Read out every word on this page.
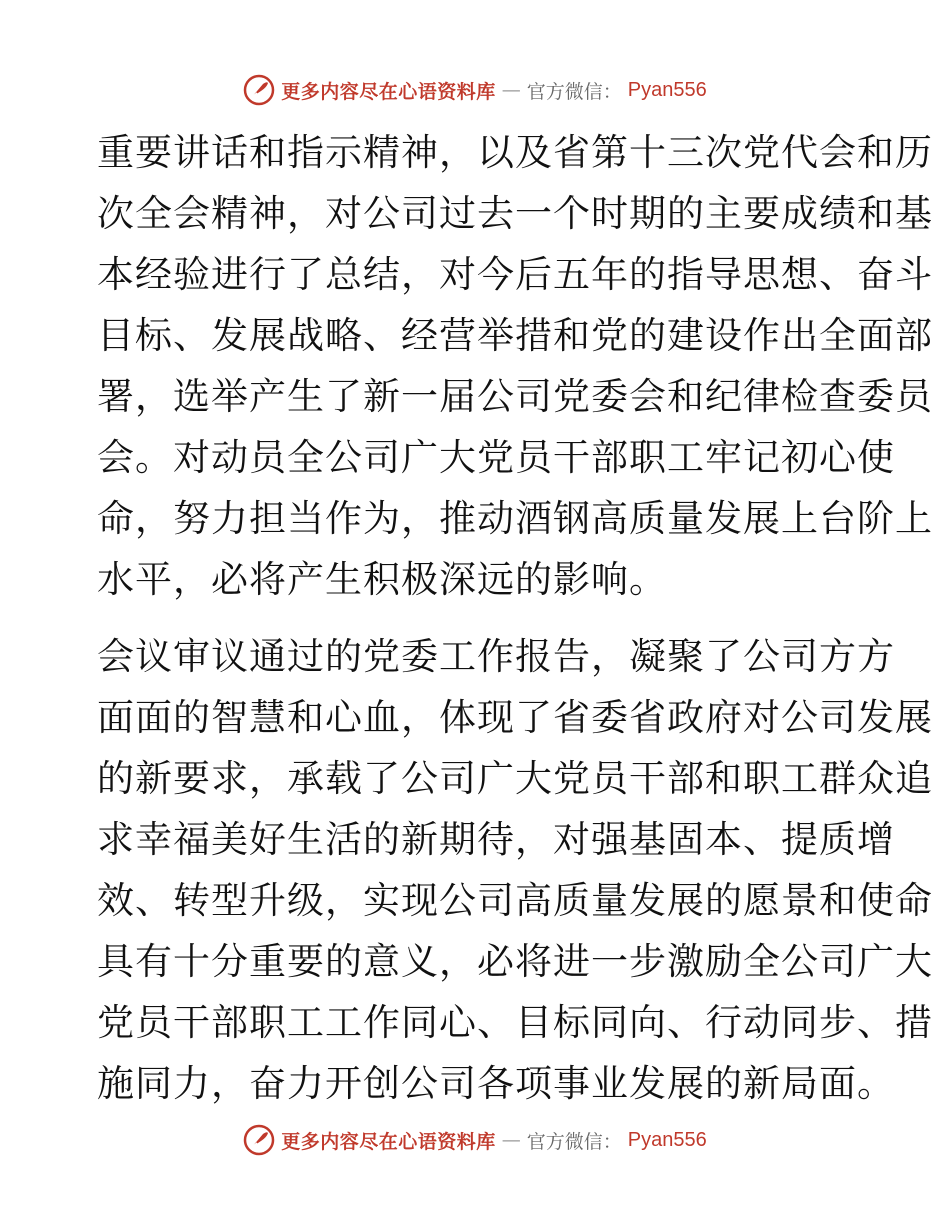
更多内容尽在心语资料库 — 官方微信： Pyan556

重要讲话和指示精神，以及省第十三次党代会和历
次全会精神，对公司过去一个时期的主要成绩和基
本经验进行了总结，对今后五年的指导思想、奋斗
目标、发展战略、经营举措和党的建设作出全面部
署，选举产生了新一届公司党委会和纪律检查委员
会。对动员全公司广大党员干部职工牢记初心使
命，努力担当作为，推动酒钢高质量发展上台阶上
水平，必将产生积极深远的影响。

会议审议通过的党委工作报告，凝聚了公司方方
面面的智慧和心血，体现了省委省政府对公司发展
的新要求，承载了公司广大党员干部和职工群众追
求幸福美好生活的新期待，对强基固本、提质增
效、转型升级，实现公司高质量发展的愿景和使命
具有十分重要的意义，必将进一步激励全公司广大
党员干部职工工作同心、目标同向、行动同步、措
施同力，奋力开创公司各项事业发展的新局面。

更多内容尽在心语资料库 — 官方微信： Pyan556
